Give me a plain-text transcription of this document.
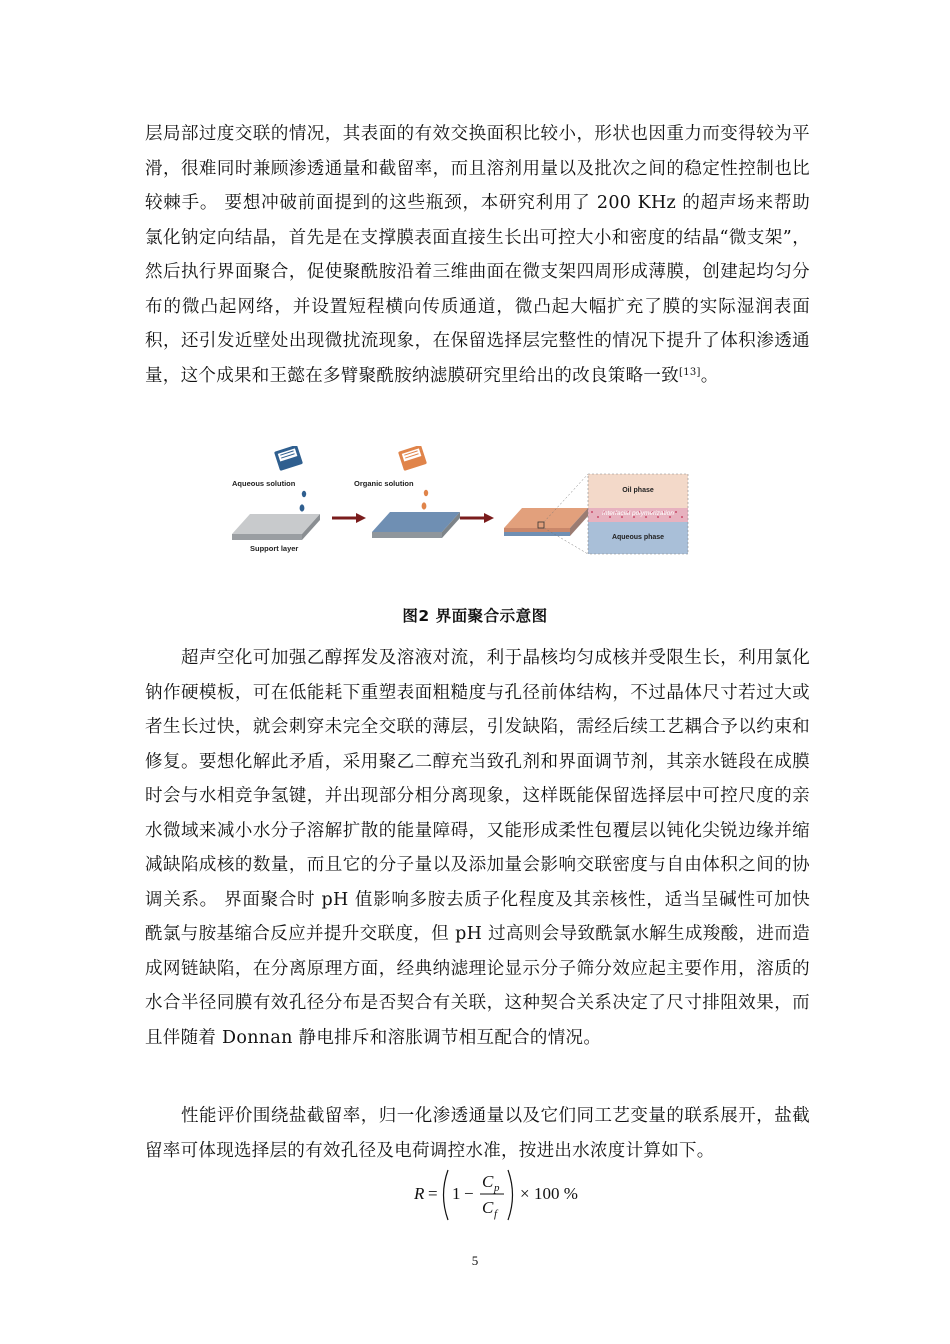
层局部过度交联的情况，其表面的有效交换面积比较小，形状也因重力而变得较为平滑，很难同时兼顾渗透通量和截留率，而且溶剂用量以及批次之间的稳定性控制也比较棘手。 要想冲破前面提到的这些瓶颈，本研究利用了 200 KHz 的超声场来帮助氯化钠定向结晶，首先是在支撑膜表面直接生长出可控大小和密度的结晶“微支架”，然后执行界面聚合，促使聚酰胺沿着三维曲面在微支架四周形成薄膜，创建起均匀分布的微凸起网络，并设置短程横向传质通道，微凸起大幅扩充了膜的实际湿润表面积，还引发近壁处出现微扰流现象，在保留选择层完整性的情况下提升了体积渗透通量，这个成果和王懿在多臂聚酰胺纳滤膜研究里给出的改良策略一致[13]。

Support layer
Aqueous solution	Organic solution
Oil phase
Interfacial polymerization
Aqueous phase
图2 界面聚合示意图

超声空化可加强乙醇挥发及溶液对流，利于晶核均匀成核并受限生长，利用氯化钠作硬模板，可在低能耗下重塑表面粗糙度与孔径前体结构，不过晶体尺寸若过大或者生长过快，就会刺穿未完全交联的薄层，引发缺陷，需经后续工艺耦合予以约束和修复。要想化解此矛盾，采用聚乙二醇充当致孔剂和界面调节剂，其亲水链段在成膜时会与水相竞争氢键，并出现部分相分离现象，这样既能保留选择层中可控尺度的亲水微域来减小水分子溶解扩散的能量障碍，又能形成柔性包覆层以钝化尖锐边缘并缩减缺陷成核的数量，而且它的分子量以及添加量会影响交联密度与自由体积之间的协调关系。 界面聚合时 pH 值影响多胺去质子化程度及其亲核性，适当呈碱性可加快酰氯与胺基缩合反应并提升交联度，但 pH 过高则会导致酰氯水解生成羧酸，进而造成网链缺陷，在分离原理方面，经典纳滤理论显示分子筛分效应起主要作用，溶质的水合半径同膜有效孔径分布是否契合有关联，这种契合关系决定了尺寸排阻效果，而且伴随着 Donnan 静电排斥和溶胀调节相互配合的情况。

性能评价围绕盐截留率，归一化渗透通量以及它们同工艺变量的联系展开，盐截留率可体现选择层的有效孔径及电荷调控水准，按进出水浓度计算如下。

R = 1 −
C p
C f
× 100 %
5
